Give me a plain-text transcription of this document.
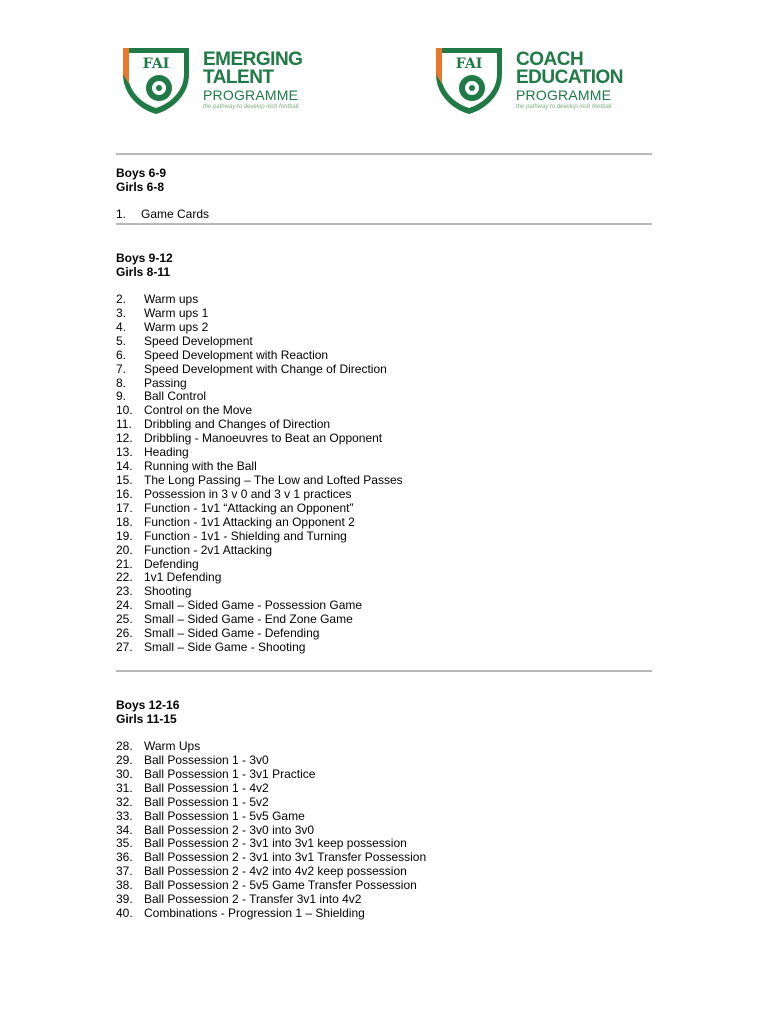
FAI EMERGING
TALENT
PROGRAMME
the pathway to develop irish football
FAI COACH
EDUCATION
PROGRAMME
the pathway to develop irish football
Boys 6-9
Girls 6-8
1.	Game Cards
Boys 9-12
Girls 8-11
2.	Warm ups
3.	Warm ups 1
4.	Warm ups 2
5.	Speed Development
6.	Speed Development with Reaction
7.	Speed Development with Change of Direction
8.	Passing
9.	Ball Control
10. Control on the Move
11.	Dribbling and Changes of Direction
12. Dribbling - Manoeuvres to Beat an Opponent
13. Heading
14. Running with the Ball
15. The Long Passing – The Low and Lofted Passes
16. Possession in 3 v 0 and 3 v 1 practices
17. Function - 1v1 “Attacking an Opponent”
18. Function - 1v1 Attacking an Opponent 2
19. Function - 1v1 - Shielding and Turning
20. Function - 2v1 Attacking
21. Defending
22. 1v1 Defending
23. Shooting
24. Small – Sided Game - Possession Game
25. Small – Sided Game - End Zone Game
26. Small – Sided Game - Defending
27. Small – Side Game - Shooting
Boys 12-16
Girls 11-15
28. Warm Ups
29. Ball Possession 1 - 3v0
30. Ball Possession 1 - 3v1 Practice
31. Ball Possession 1 - 4v2
32. Ball Possession 1 - 5v2
33. Ball Possession 1 - 5v5 Game
34. Ball Possession 2 - 3v0 into 3v0
35. Ball Possession 2 - 3v1 into 3v1 keep possession
36. Ball Possession 2 - 3v1 into 3v1 Transfer Possession
37. Ball Possession 2 - 4v2 into 4v2 keep possession
38. Ball Possession 2 - 5v5 Game Transfer Possession
39. Ball Possession 2 - Transfer 3v1 into 4v2
40. Combinations - Progression 1 – Shielding
